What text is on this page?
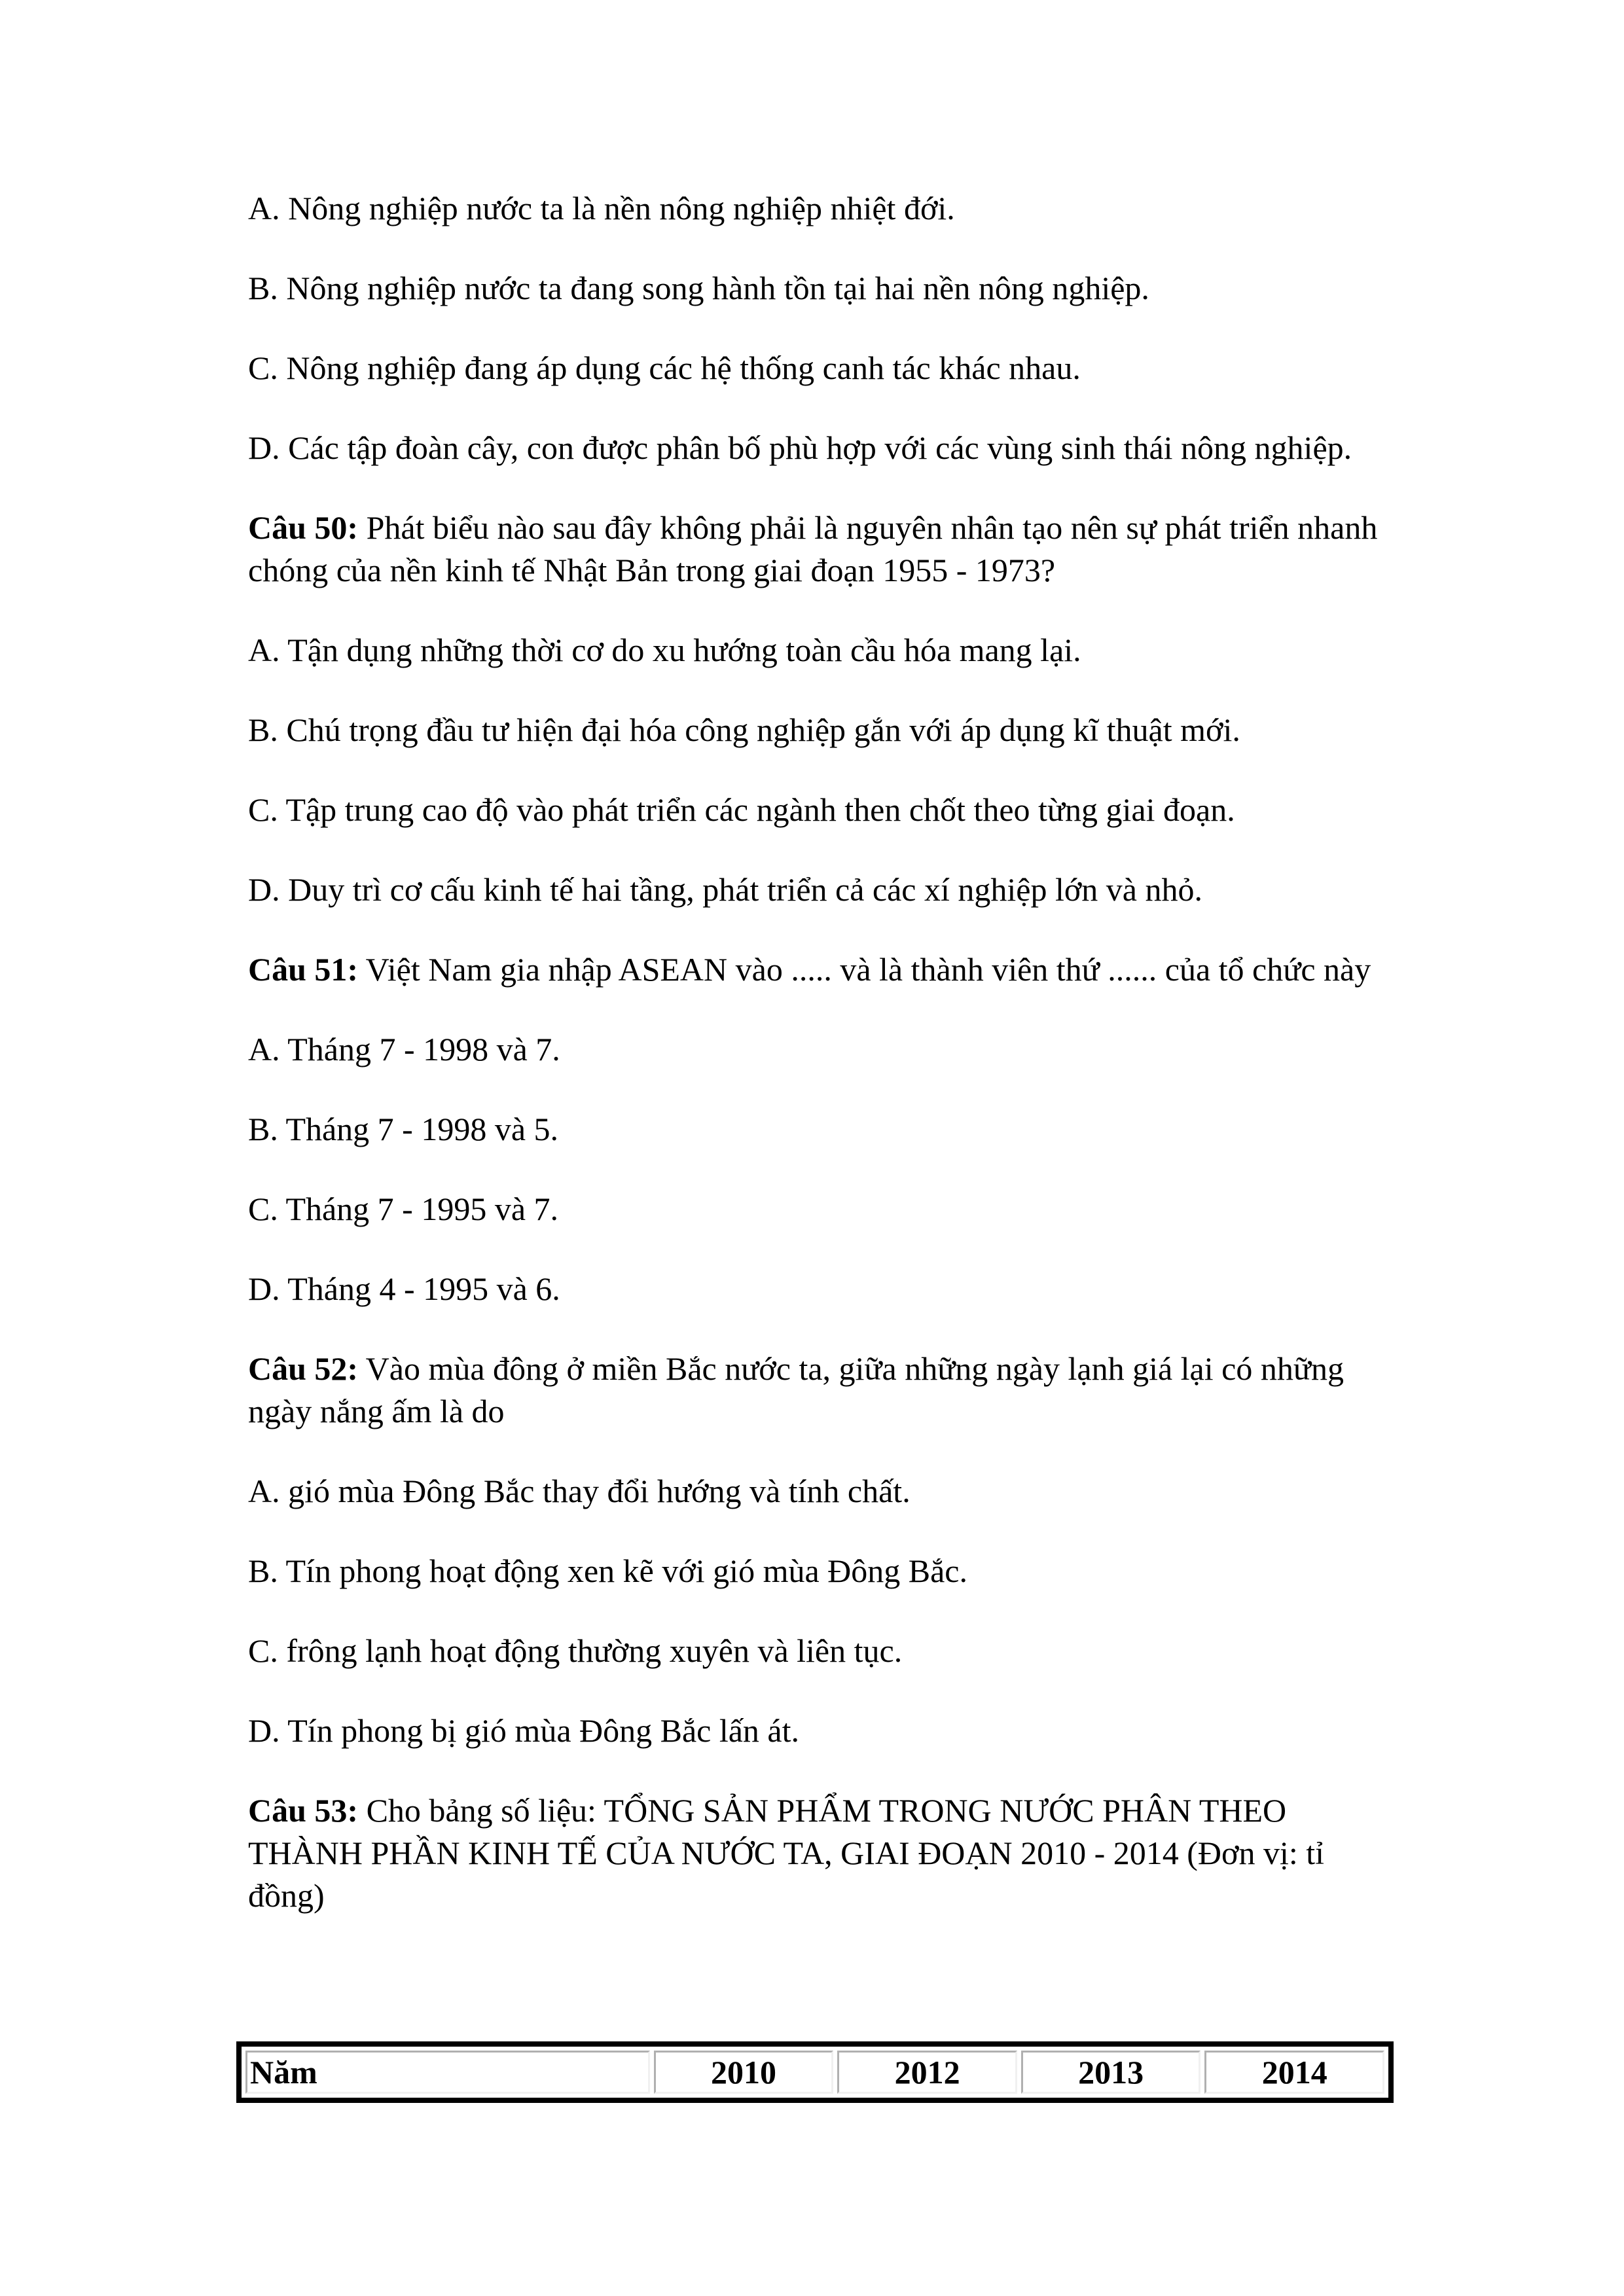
A. Nông nghiệp nước ta là nền nông nghiệp nhiệt đới.

B. Nông nghiệp nước ta đang song hành tồn tại hai nền nông nghiệp.

C. Nông nghiệp đang áp dụng các hệ thống canh tác khác nhau.

D. Các tập đoàn cây, con được phân bố phù hợp với các vùng sinh thái nông nghiệp.

Câu 50: Phát biểu nào sau đây không phải là nguyên nhân tạo nên sự phát triển nhanh chóng của nền kinh tế Nhật Bản trong giai đoạn 1955 - 1973?

A. Tận dụng những thời cơ do xu hướng toàn cầu hóa mang lại.

B. Chú trọng đầu tư hiện đại hóa công nghiệp gắn với áp dụng kĩ thuật mới.

C. Tập trung cao độ vào phát triển các ngành then chốt theo từng giai đoạn.

D. Duy trì cơ cấu kinh tế hai tầng, phát triển cả các xí nghiệp lớn và nhỏ.

Câu 51: Việt Nam gia nhập ASEAN vào ..... và là thành viên thứ ...... của tổ chức này

A. Tháng 7 - 1998 và 7.

B. Tháng 7 - 1998 và 5.

C. Tháng 7 - 1995 và 7.

D. Tháng 4 - 1995 và 6.

Câu 52: Vào mùa đông ở miền Bắc nước ta, giữa những ngày lạnh giá lại có những ngày nắng ấm là do

A. gió mùa Đông Bắc thay đổi hướng và tính chất.

B. Tín phong hoạt động xen kẽ với gió mùa Đông Bắc.

C. frông lạnh hoạt động thường xuyên và liên tục.

D. Tín phong bị gió mùa Đông Bắc lấn át.

Câu 53: Cho bảng số liệu: TỔNG SẢN PHẨM TRONG NƯỚC PHÂN THEO THÀNH PHẦN KINH TẾ CỦA NƯỚC TA, GIAI ĐOẠN 2010 - 2014 (Đơn vị: tỉ đồng)

Năm	2010	2012	2013	2014
